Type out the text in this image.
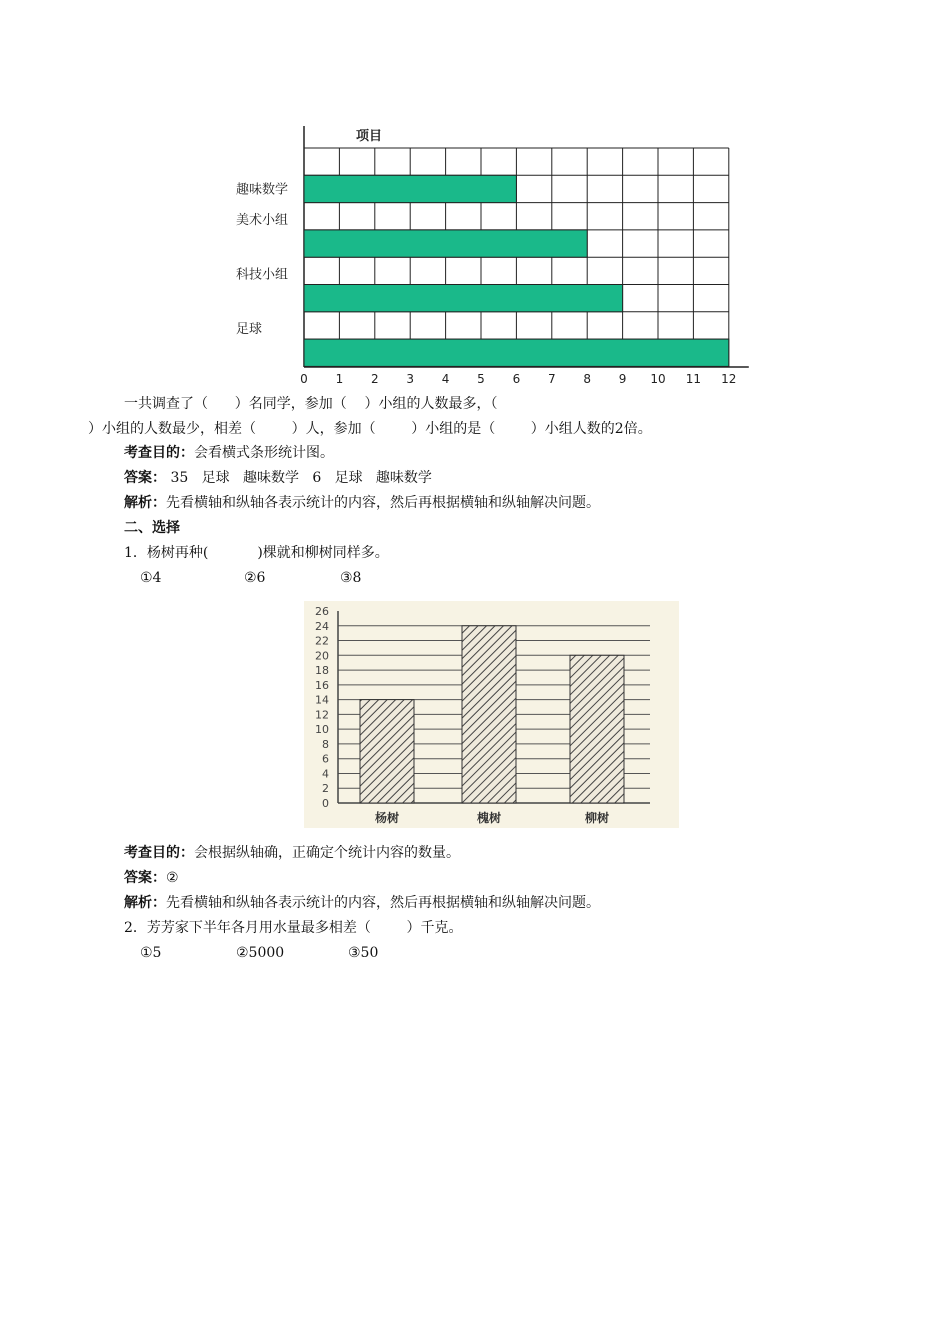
项目
趣味数学
美术小组
科技小组
足球
0 1 2 3 4 5 6 7 8 9 10 11 12
0
2
4
6
8
10
12
14
16
18
20
22
24
26
杨树	槐树	柳树
一共调查了（      ）名同学，参加（    ）小组的人数最多，（
）小组的人数最少，相差（        ）人，参加（        ）小组的是（        ）小组人数的2倍。
考查目的：会看横式条形统计图。
答案： 35   足球   趣味数学   6   足球   趣味数学
解析：先看横轴和纵轴各表示统计的内容，然后再根据横轴和纵轴解决问题。
二、选择
1．杨树再种(           )棵就和柳树同样多。
①4	②6	③8
考查目的：会根据纵轴确，正确定个统计内容的数量。
答案：②
解析：先看横轴和纵轴各表示统计的内容，然后再根据横轴和纵轴解决问题。
2．芳芳家下半年各月用水量最多相差（        ）千克。
①5	②5000	③50
